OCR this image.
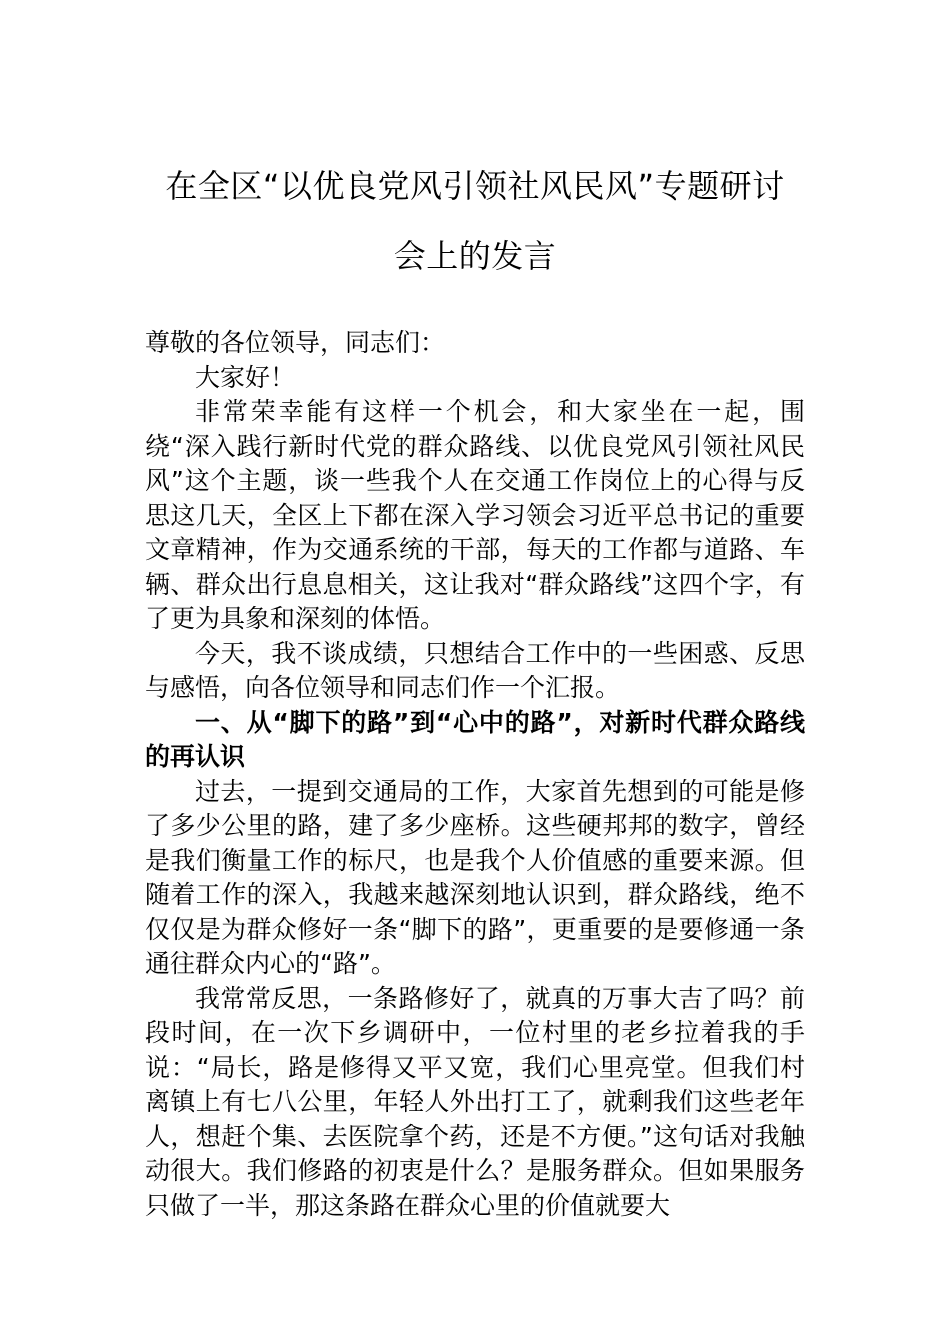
在全区“以优良党风引领社风民风”专题研讨
会上的发言

尊敬的各位领导，同志们：

大家好！

非常荣幸能有这样一个机会，和大家坐在一起，围绕“深入践行新时代党的群众路线、以优良党风引领社风民风”这个主题，谈一些我个人在交通工作岗位上的心得与反思这几天，全区上下都在深入学习领会习近平总书记的重要文章精神，作为交通系统的干部，每天的工作都与道路、车辆、群众出行息息相关，这让我对“群众路线”这四个字，有了更为具象和深刻的体悟。

今天，我不谈成绩，只想结合工作中的一些困惑、反思与感悟，向各位领导和同志们作一个汇报。

一、从“脚下的路”到“心中的路”，对新时代群众路线的再认识

过去，一提到交通局的工作，大家首先想到的可能是修了多少公里的路，建了多少座桥。这些硬邦邦的数字，曾经是我们衡量工作的标尺，也是我个人价值感的重要来源。但随着工作的深入，我越来越深刻地认识到，群众路线，绝不仅仅是为群众修好一条“脚下的路”，更重要的是要修通一条通往群众内心的“路”。

我常常反思，一条路修好了，就真的万事大吉了吗？前段时间，在一次下乡调研中，一位村里的老乡拉着我的手说：“局长，路是修得又平又宽，我们心里亮堂。但我们村离镇上有七八公里，年轻人外出打工了，就剩我们这些老年人，想赶个集、去医院拿个药，还是不方便。”这句话对我触动很大。我们修路的初衷是什么？是服务群众。但如果服务只做了一半，那这条路在群众心里的价值就要大
